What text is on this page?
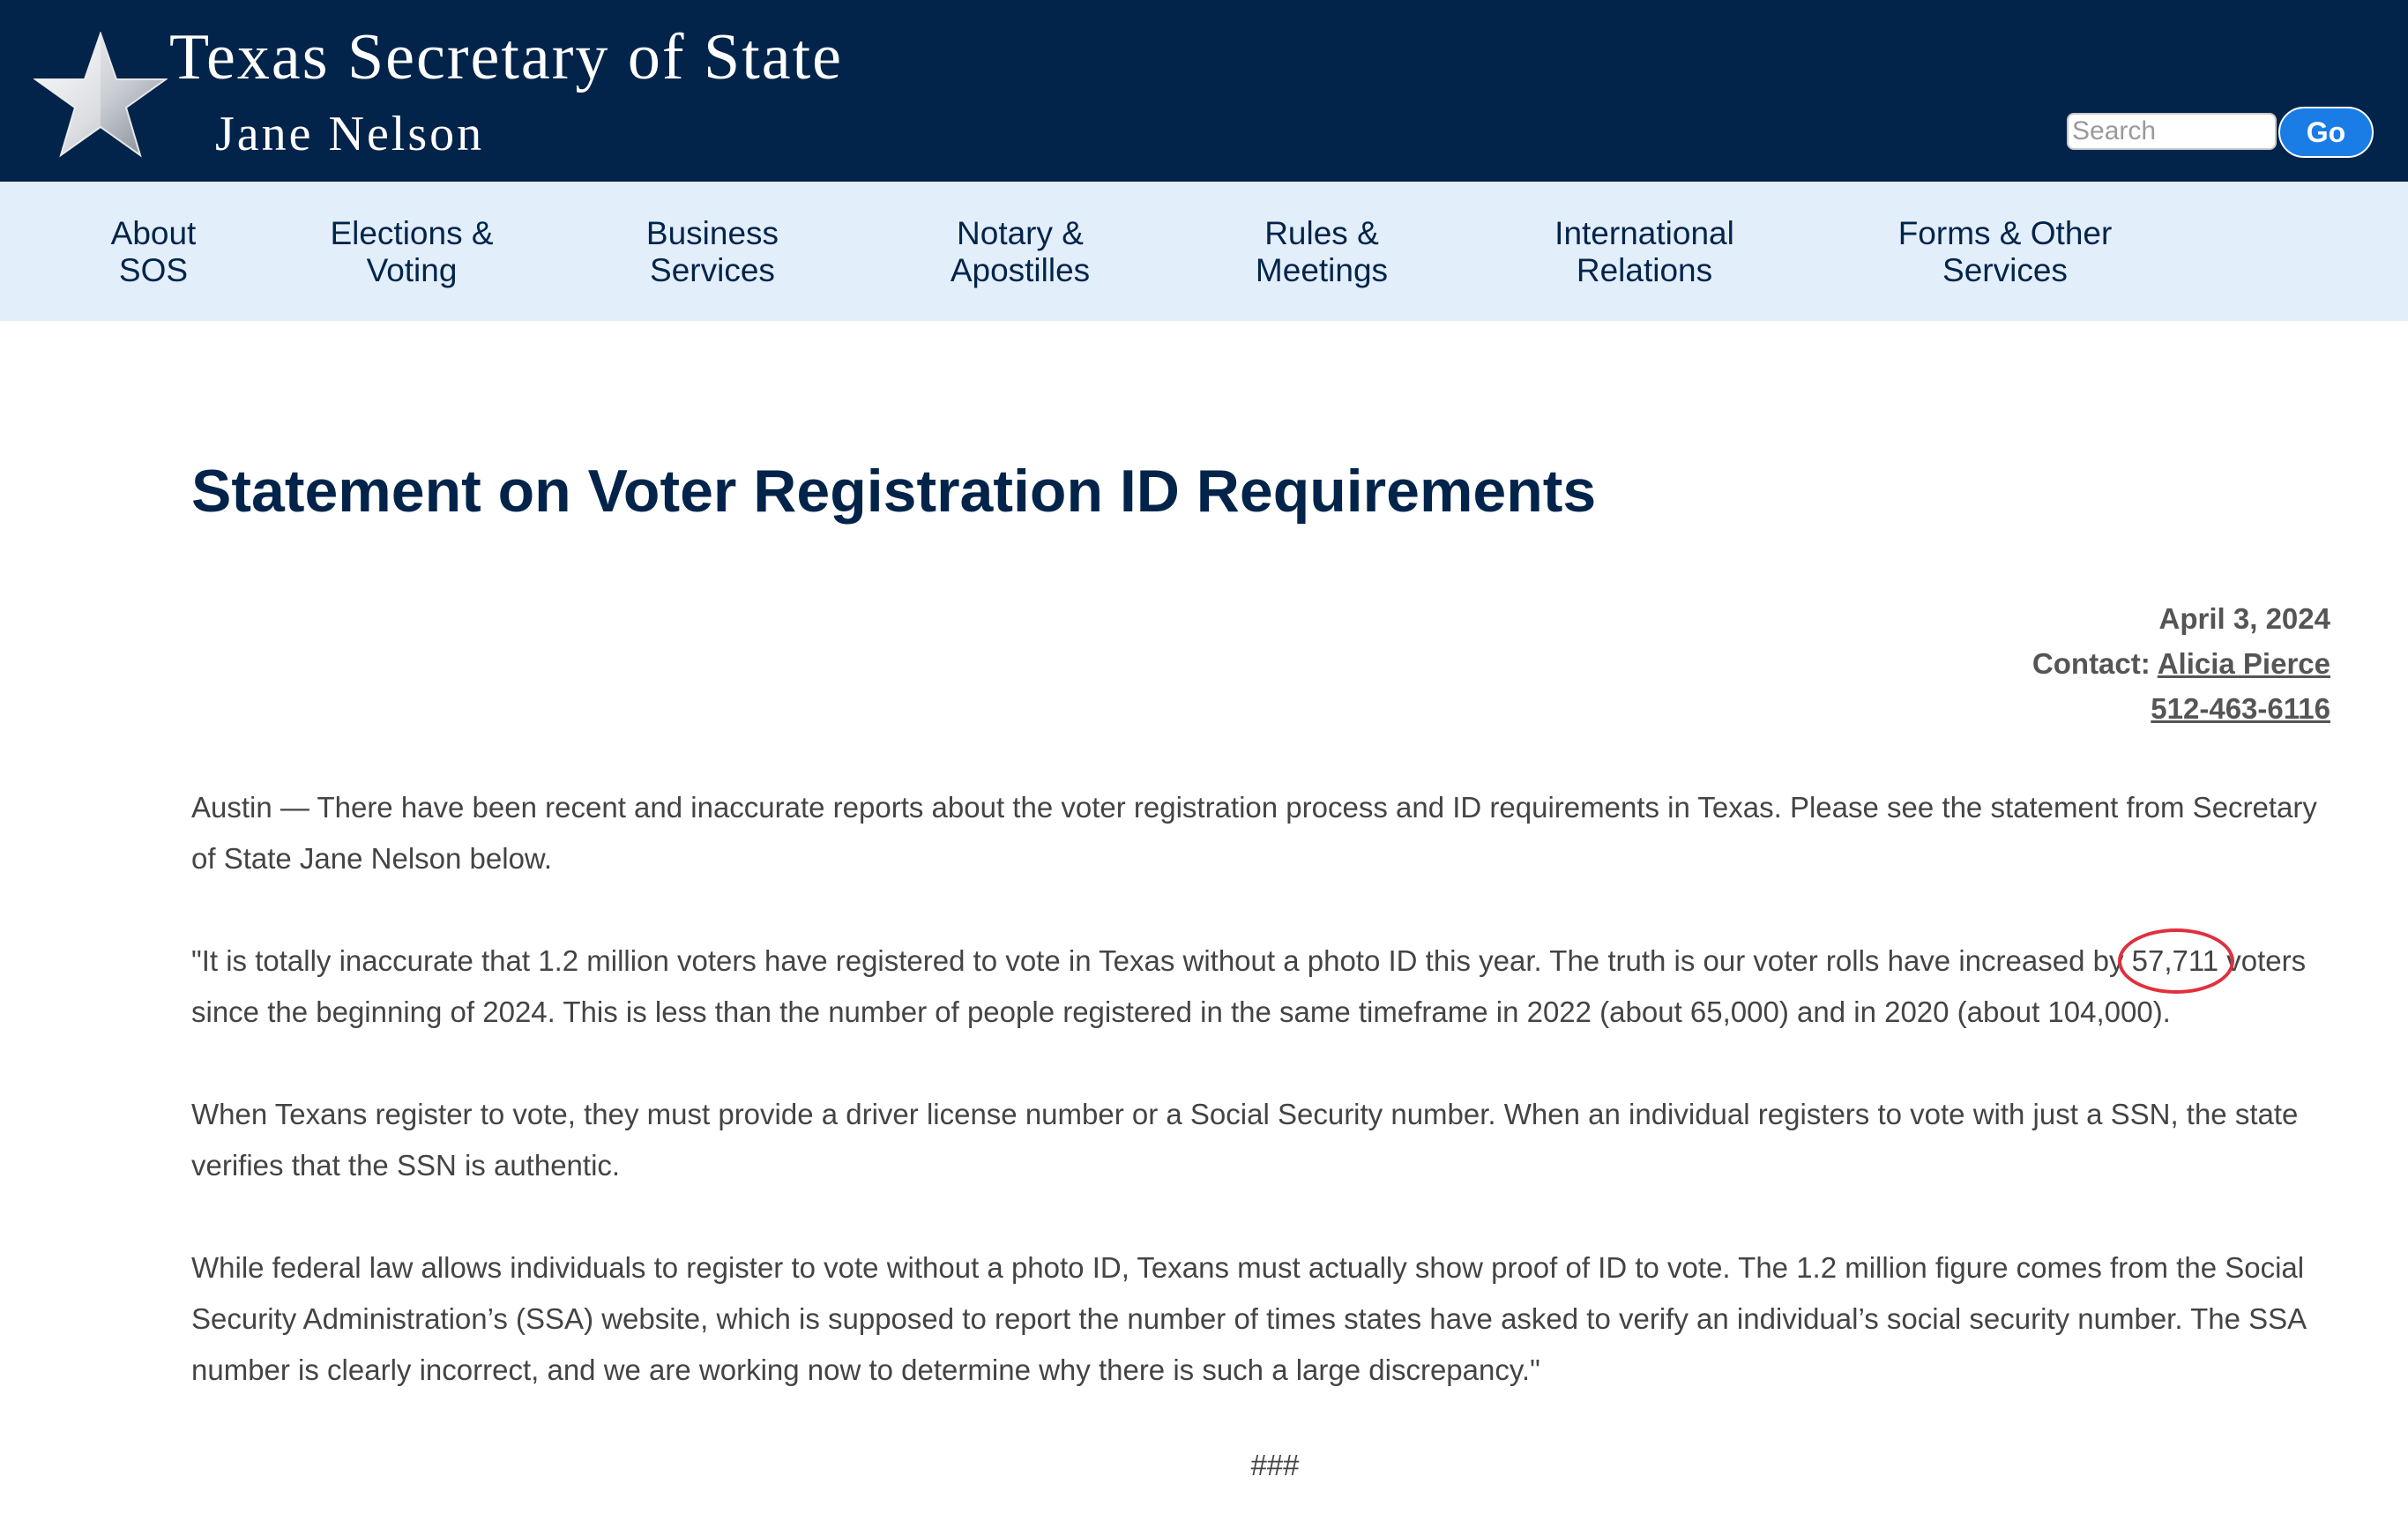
Texas Secretary of State
Jane Nelson
Search	Go
About
SOS
Elections &
Voting
Business
Services
Notary &
Apostilles
Rules &
Meetings
International
Relations
Forms & Other
Services
Statement on Voter Registration ID Requirements
April 3, 2024
Contact: Alicia Pierce
512-463-6116

Austin — There have been recent and inaccurate reports about the voter registration process and ID requirements in Texas. Please see the statement from Secretary of State Jane Nelson below.

"It is totally inaccurate that 1.2 million voters have registered to vote in Texas without a photo ID this year. The truth is our voter rolls have increased by 57,711 voters since the beginning of 2024. This is less than the number of people registered in the same timeframe in 2022 (about 65,000) and in 2020 (about 104,000).

When Texans register to vote, they must provide a driver license number or a Social Security number. When an individual registers to vote with just a SSN, the state verifies that the SSN is authentic.

While federal law allows individuals to register to vote without a photo ID, Texans must actually show proof of ID to vote. The 1.2 million figure comes from the Social Security Administration’s (SSA) website, which is supposed to report the number of times states have asked to verify an individual’s social security number. The SSA number is clearly incorrect, and we are working now to determine why there is such a large discrepancy."

###
